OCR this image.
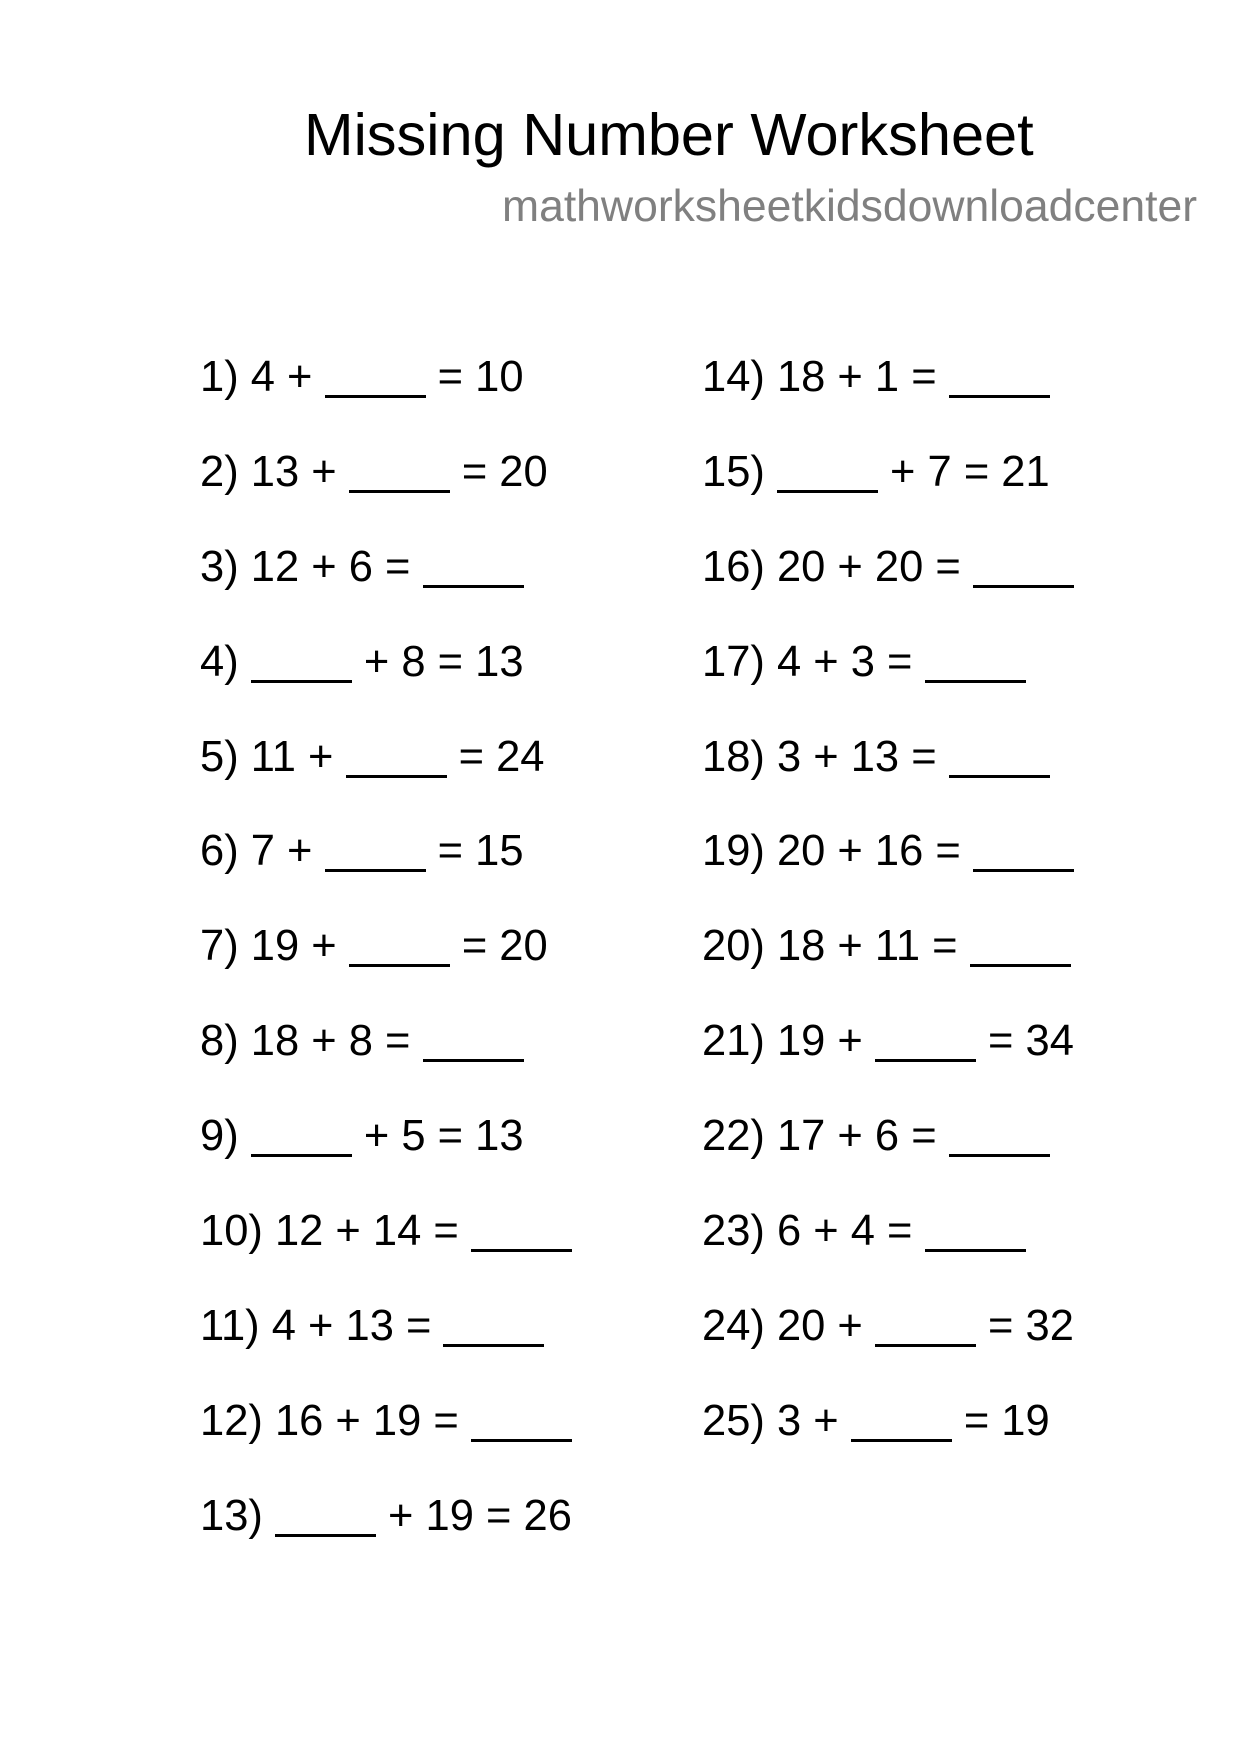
Missing Number Worksheet
mathworksheetkidsdownloadcenter
1) 4 +  = 10
2) 13 +  = 20
3) 12 + 6 =
4)	+ 8 = 13
5) 11 +  = 24
6) 7 +  = 15
7) 19 +  = 20
8) 18 + 8 =
9)	+ 5 = 13
10) 12 + 14 =
11) 4 + 13 =
12) 16 + 19 =
13)	+ 19 = 26
14) 18 + 1 =
15)	+ 7 = 21
16) 20 + 20 =
17) 4 + 3 =
18) 3 + 13 =
19) 20 + 16 =
20) 18 + 11 =
21) 19 +  = 34
22) 17 + 6 =
23) 6 + 4 =
24) 20 +  = 32
25) 3 +  = 19
